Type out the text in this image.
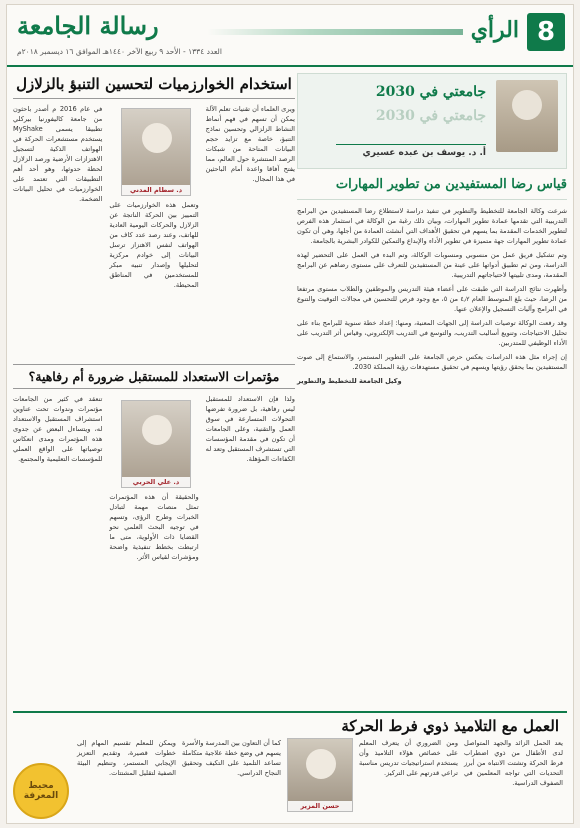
8
الرأي
رسالة الجامعة
العدد ١٣٣٤ - الأحد ٩ ربيع الآخر ١٤٤٠هـ الموافق ١٦ ديسمبر ٢٠١٨م
جامعتي في 2030
جامعتي في 2030
أ. د. يوسف بن عبده عسيري
قياس رضا المستفيدين من تطوير المهارات

شرعت وكالة الجامعة للتخطيط والتطوير في تنفيذ دراسة لاستطلاع رضا المستفيدين من البرامج التدريبية التي تقدمها عمادة تطوير المهارات، وبيان ذلك رغبة من الوكالة في استثمار هذه الفرص لتطوير الخدمات المقدمة بما يسهم في تحقيق الأهداف التي أنشئت العمادة من أجلها، وهي أن تكون عمادة تطوير المهارات جهة متميزة في تطوير الأداء والإبداع والتمكين للكوادر البشرية بالجامعة.

وتم تشكيل فريق عمل من منسوبي ومنسوبات الوكالة، وتم البدء في العمل على التحضير لهذه الدراسة، ومن ثم تطبيق أدواتها على عينة من المستفيدين للتعرف على مستوى رضاهم عن البرامج المقدمة، ومدى تلبيتها لاحتياجاتهم التدريبية.

وأظهرت نتائج الدراسة التي طبقت على أعضاء هيئة التدريس والموظفين والطلاب مستوى مرتفعا من الرضا، حيث بلغ المتوسط العام ٤٫٢ من ٥، مع وجود فرص للتحسين في مجالات التوقيت والتنوع في البرامج وآليات التسجيل والإعلان عنها.

وقد رفعت الوكالة توصيات الدراسة إلى الجهات المعنية، ومنها: إعداد خطة سنوية للبرامج بناء على تحليل الاحتياجات، وتنويع أساليب التدريب، والتوسع في التدريب الإلكتروني، وقياس أثر التدريب على الأداء الوظيفي للمتدربين.

إن إجراء مثل هذه الدراسات يعكس حرص الجامعة على التطوير المستمر، والاستماع إلى صوت المستفيدين بما يحقق رؤيتها ويسهم في تحقيق مستهدفات رؤية المملكة 2030.

وكيل الجامعة للتخطيط والتطوير

استخدام الخوارزميات لتحسين التنبؤ بالزلازل
د. سطام المدني
ويرى العلماء أن تقنيات تعلم الآلة يمكن أن تسهم في فهم أنماط النشاط الزلزالي وتحسين نماذج التنبؤ، خاصة مع تزايد حجم البيانات المتاحة من شبكات الرصد المنتشرة حول العالم، مما يفتح آفاقا واعدة أمام الباحثين في هذا المجال.
وتعمل هذه الخوارزميات على التمييز بين الحركة الناتجة عن الزلازل والحركات اليومية العادية للهاتف، وعند رصد عدد كاف من الهواتف لنفس الاهتزاز ترسل البيانات إلى خوادم مركزية لتحليلها وإصدار تنبيه مبكر للمستخدمين في المناطق المحيطة.
في عام 2016 م أصدر باحثون من جامعة كاليفورنيا بيركلي تطبيقا يسمى MyShake يستخدم مستشعرات الحركة في الهواتف الذكية لتسجيل الاهتزازات الأرضية ورصد الزلازل لحظة حدوثها، وهو أحد أهم التطبيقات التي تعتمد على الخوارزميات في تحليل البيانات الضخمة.
مؤتمرات الاستعداد للمستقبل ضرورة أم رفاهية؟
د. علي الحربي
ولذا فإن الاستعداد للمستقبل ليس رفاهية، بل ضرورة تفرضها التحولات المتسارعة في سوق العمل والتقنية، وعلى الجامعات أن تكون في مقدمة المؤسسات التي تستشرف المستقبل وتعد له الكفاءات المؤهلة.
والحقيقة أن هذه المؤتمرات تمثل منصات مهمة لتبادل الخبرات وطرح الرؤى، وتسهم في توجيه البحث العلمي نحو القضايا ذات الأولوية، متى ما ارتبطت بخطط تنفيذية واضحة ومؤشرات لقياس الأثر.
تنعقد في كثير من الجامعات مؤتمرات وندوات تحت عناوين استشراف المستقبل والاستعداد له، ويتساءل البعض عن جدوى هذه المؤتمرات ومدى انعكاس توصياتها على الواقع العملي للمؤسسات التعليمية والمجتمع.
العمل مع التلاميذ ذوي فرط الحركة
يعد الحمل الزائد والجهد المتواصل لدى الأطفال من ذوي اضطراب فرط الحركة وتشتت الانتباه من أبرز التحديات التي تواجه المعلمين في الصفوف الدراسية.
ومن الضروري أن يتعرف المعلم على خصائص هؤلاء التلاميذ وأن يستخدم استراتيجيات تدريس مناسبة تراعي قدرتهم على التركيز.
حسن المزير
كما أن التعاون بين المدرسة والأسرة يسهم في وضع خطة علاجية متكاملة تساعد التلميذ على التكيف وتحقيق النجاح الدراسي.
ويمكن للمعلم تقسيم المهام إلى خطوات قصيرة، وتقديم التعزيز الإيجابي المستمر، وتنظيم البيئة الصفية لتقليل المشتتات.
محيط المعرفة
